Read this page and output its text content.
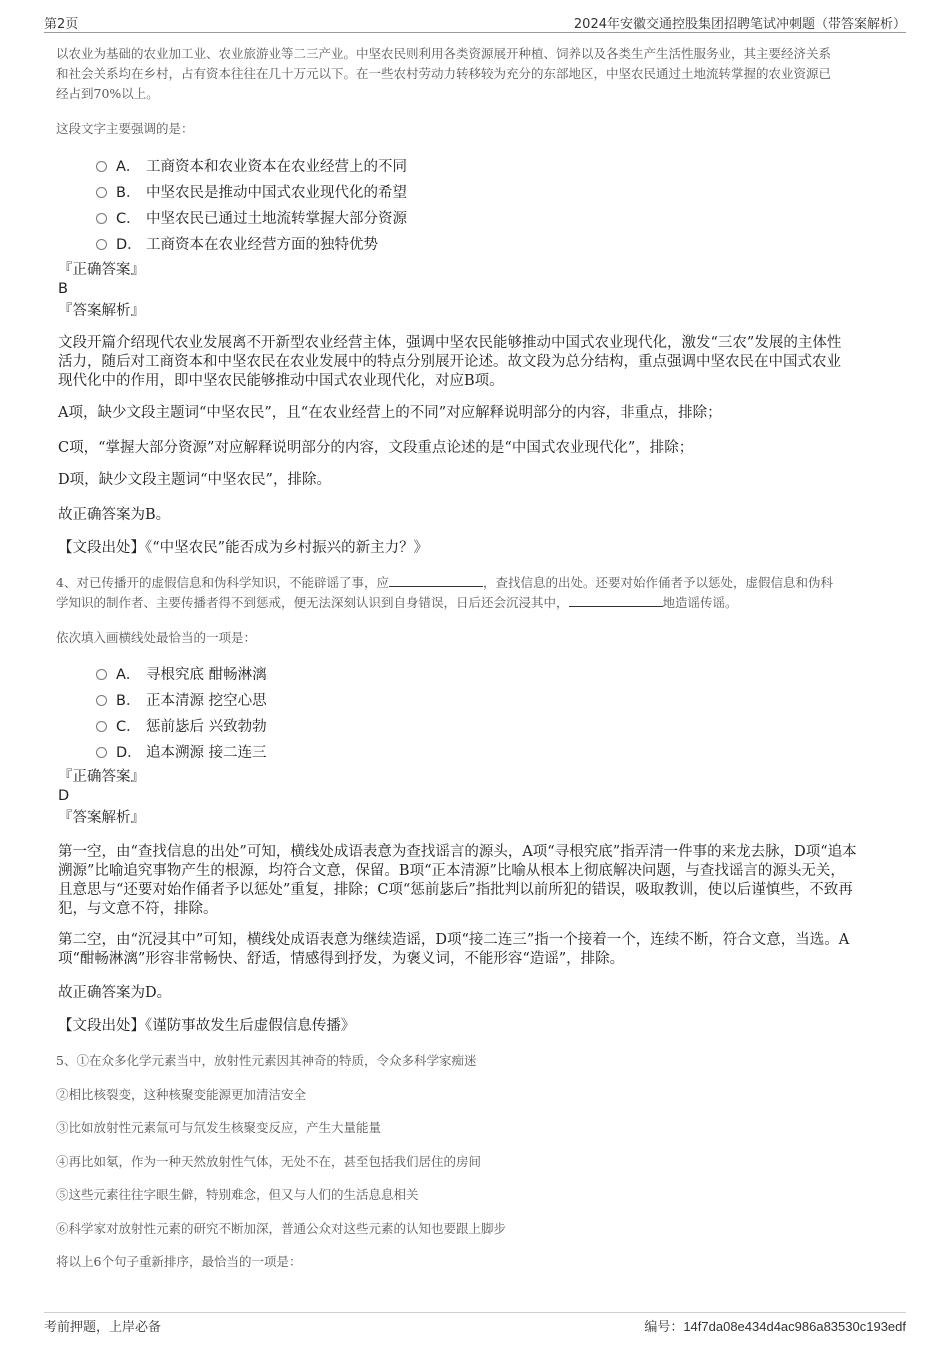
第2页	2024年安徽交通控股集团招聘笔试冲刺题（带答案解析）

以农业为基础的农业加工业、农业旅游业等二三产业。中坚农民则利用各类资源展开种植、饲养以及各类生产生活性服务业，其主要经济关系

和社会关系均在乡村，占有资本往往在几十万元以下。在一些农村劳动力转移较为充分的东部地区，中坚农民通过土地流转掌握的农业资源已

经占到70%以上。

这段文字主要强调的是：

A． 工商资本和农业资本在农业经营上的不同
B． 中坚农民是推动中国式农业现代化的希望
C． 中坚农民已通过土地流转掌握大部分资源
D． 工商资本在农业经营方面的独特优势

『正确答案』

B

『答案解析』

文段开篇介绍现代农业发展离不开新型农业经营主体，强调中坚农民能够推动中国式农业现代化，激发“三农”发展的主体性

活力，随后对工商资本和中坚农民在农业发展中的特点分别展开论述。故文段为总分结构，重点强调中坚农民在中国式农业

现代化中的作用，即中坚农民能够推动中国式农业现代化，对应B项。

A项，缺少文段主题词“中坚农民”，且“在农业经营上的不同”对应解释说明部分的内容，非重点，排除；

C项，“掌握大部分资源”对应解释说明部分的内容，文段重点论述的是“中国式农业现代化”，排除；

D项，缺少文段主题词“中坚农民”，排除。

故正确答案为B。

【文段出处】《“中坚农民”能否成为乡村振兴的新主力？》

4、对已传播开的虚假信息和伪科学知识，不能辟谣了事，应	，查找信息的出处。还要对始作俑者予以惩处，虚假信息和伪科

学知识的制作者、主要传播者得不到惩戒，便无法深刻认识到自身错误，日后还会沉浸其中，	地造谣传谣。

依次填入画横线处最恰当的一项是：

A． 寻根究底 酣畅淋漓
B． 正本清源 挖空心思
C． 惩前毖后 兴致勃勃
D． 追本溯源 接二连三

『正确答案』

D

『答案解析』

第一空，由“查找信息的出处”可知，横线处成语表意为查找谣言的源头，A项“寻根究底”指弄清一件事的来龙去脉，D项“追本

溯源”比喻追究事物产生的根源，均符合文意，保留。B项“正本清源”比喻从根本上彻底解决问题，与查找谣言的源头无关，

且意思与“还要对始作俑者予以惩处”重复，排除；C项“惩前毖后”指批判以前所犯的错误，吸取教训，使以后谨慎些，不致再

犯，与文意不符，排除。

第二空，由“沉浸其中”可知，横线处成语表意为继续造谣，D项“接二连三”指一个接着一个，连续不断，符合文意，当选。A

项“酣畅淋漓”形容非常畅快、舒适，情感得到抒发，为褒义词，不能形容“造谣”，排除。

故正确答案为D。

【文段出处】《谨防事故发生后虚假信息传播》

5、①在众多化学元素当中，放射性元素因其神奇的特质，令众多科学家痴迷

②相比核裂变，这种核聚变能源更加清洁安全

③比如放射性元素氚可与氘发生核聚变反应，产生大量能量

④再比如氡，作为一种天然放射性气体，无处不在，甚至包括我们居住的房间

⑤这些元素往往字眼生僻，特别难念，但又与人们的生活息息相关

⑥科学家对放射性元素的研究不断加深，普通公众对这些元素的认知也要跟上脚步

将以上6个句子重新排序，最恰当的一项是：

考前押题，上岸必备	编号：14f7da08e434d4ac986a83530c193edf
